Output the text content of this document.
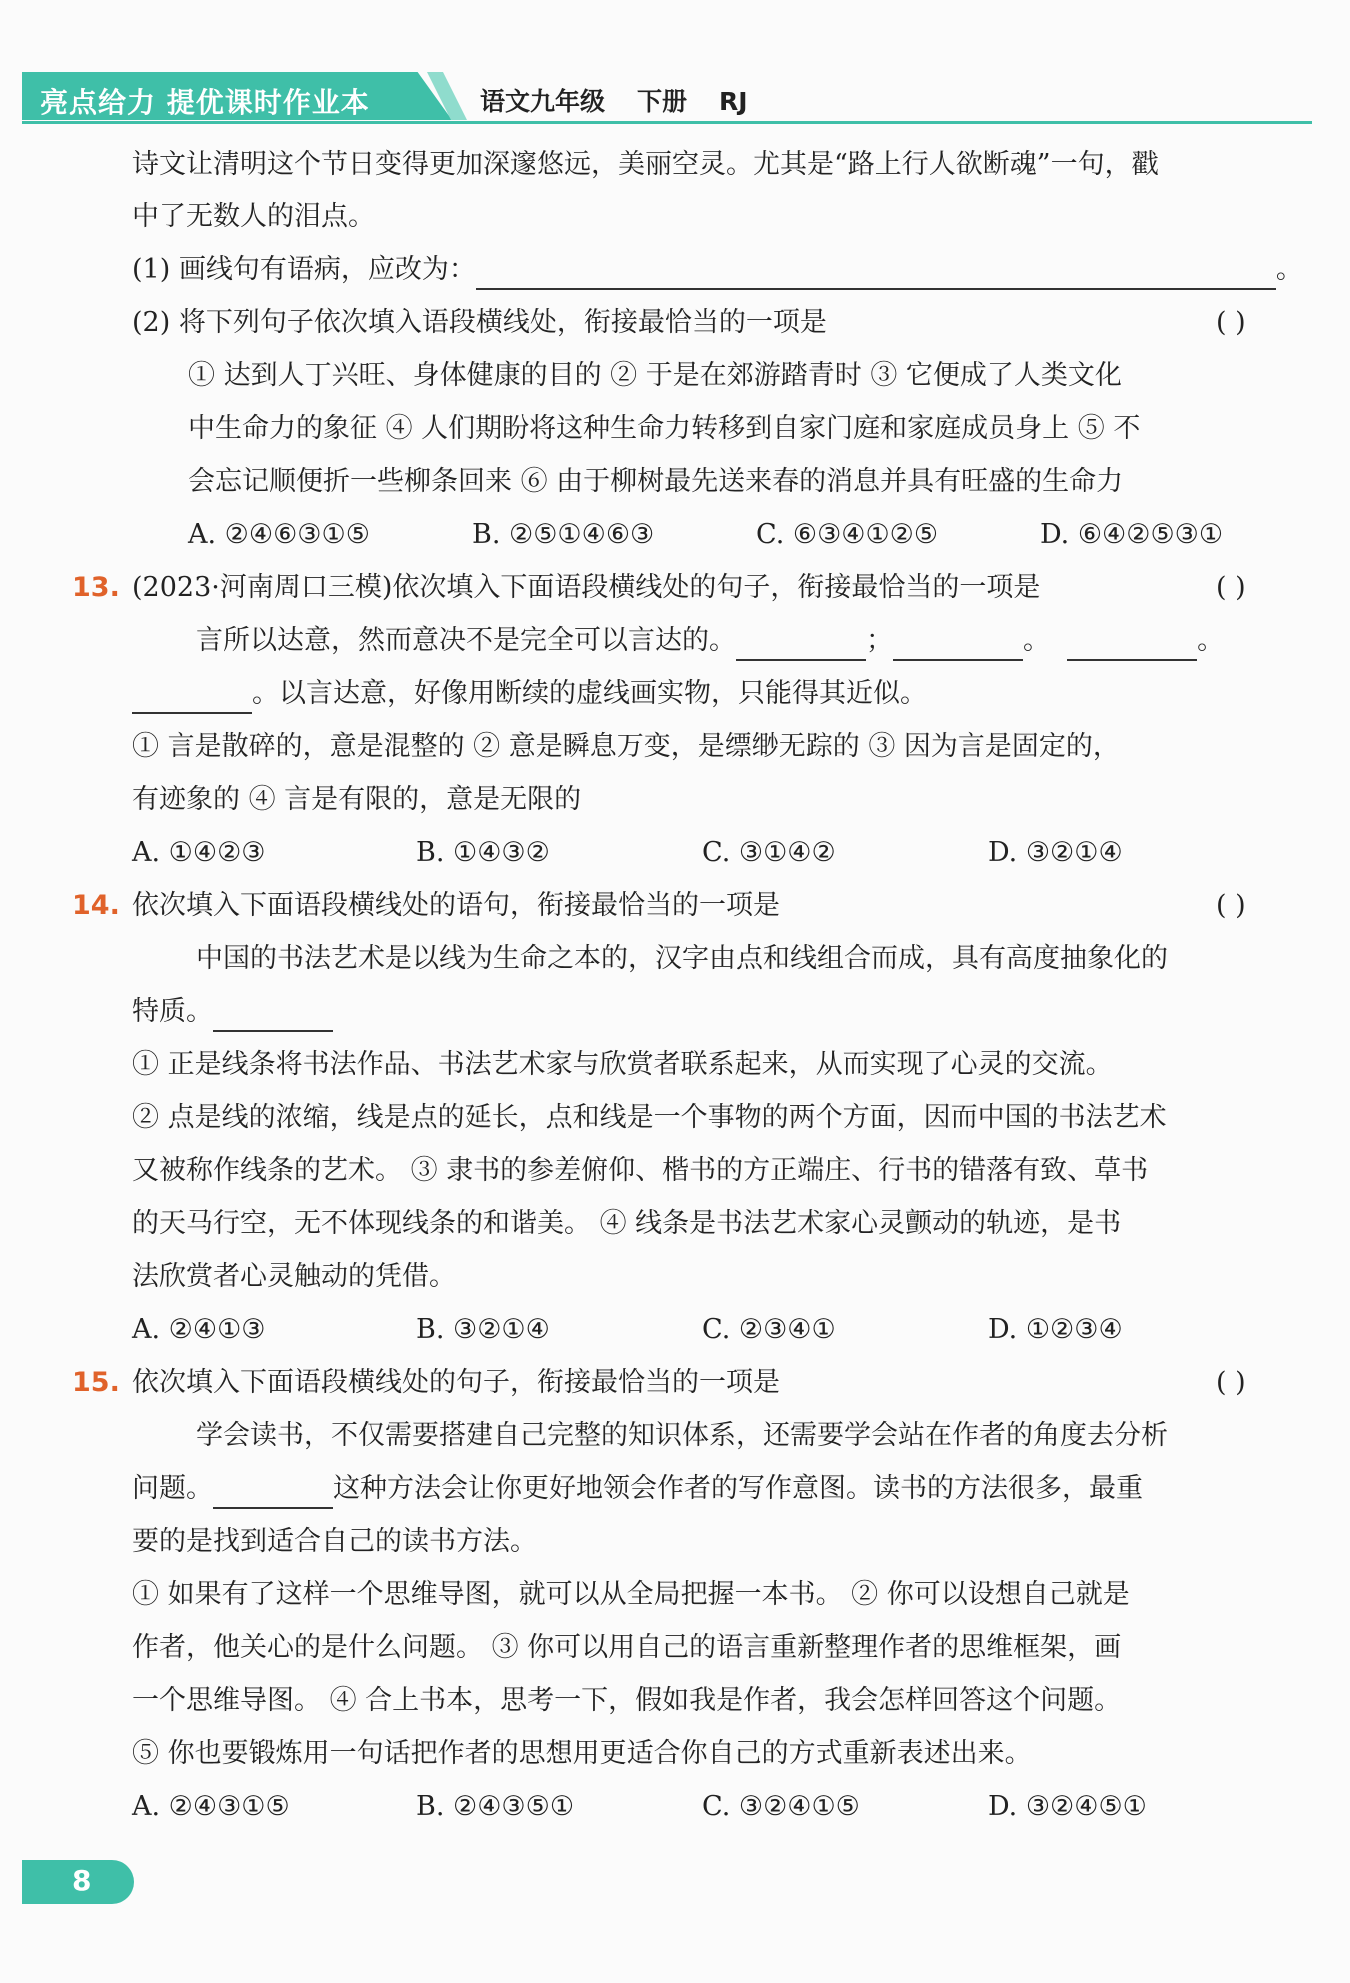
亮点给力 提优课时作业本	语文九年级 下册 RJ
诗文让清明这个节日变得更加深邃悠远，美丽空灵。尤其是“路上行人欲断魂”一句，戳
中了无数人的泪点。
(1) 画线句有语病，应改为：	。
(2) 将下列句子依次填入语段横线处，衔接最恰当的一项是	( )
① 达到人丁兴旺、身体健康的目的 ② 于是在郊游踏青时 ③ 它便成了人类文化
中生命力的象征 ④ 人们期盼将这种生命力转移到自家门庭和家庭成员身上 ⑤ 不
会忘记顺便折一些柳条回来 ⑥ 由于柳树最先送来春的消息并具有旺盛的生命力
A. ②④⑥③①⑤	B. ②⑤①④⑥③	C. ⑥③④①②⑤	D. ⑥④②⑤③①
13. (2023·河南周口三模)依次填入下面语段横线处的句子，衔接最恰当的一项是	( )
言所以达意，然而意决不是完全可以言达的。	；	。	。
。以言达意，好像用断续的虚线画实物，只能得其近似。
① 言是散碎的，意是混整的 ② 意是瞬息万变，是缥缈无踪的 ③ 因为言是固定的，
有迹象的 ④ 言是有限的，意是无限的
A. ①④②③	B. ①④③②	C. ③①④②	D. ③②①④
14. 依次填入下面语段横线处的语句，衔接最恰当的一项是	( )
中国的书法艺术是以线为生命之本的，汉字由点和线组合而成，具有高度抽象化的
特质。
① 正是线条将书法作品、书法艺术家与欣赏者联系起来，从而实现了心灵的交流。
② 点是线的浓缩，线是点的延长，点和线是一个事物的两个方面，因而中国的书法艺术
又被称作线条的艺术。 ③ 隶书的参差俯仰、楷书的方正端庄、行书的错落有致、草书
的天马行空，无不体现线条的和谐美。 ④ 线条是书法艺术家心灵颤动的轨迹，是书
法欣赏者心灵触动的凭借。
A. ②④①③	B. ③②①④	C. ②③④①	D. ①②③④
15. 依次填入下面语段横线处的句子，衔接最恰当的一项是	( )
学会读书，不仅需要搭建自己完整的知识体系，还需要学会站在作者的角度去分析
问题。	这种方法会让你更好地领会作者的写作意图。读书的方法很多，最重
要的是找到适合自己的读书方法。
① 如果有了这样一个思维导图，就可以从全局把握一本书。 ② 你可以设想自己就是
作者，他关心的是什么问题。 ③ 你可以用自己的语言重新整理作者的思维框架，画
一个思维导图。 ④ 合上书本，思考一下，假如我是作者，我会怎样回答这个问题。
⑤ 你也要锻炼用一句话把作者的思想用更适合你自己的方式重新表述出来。
A. ②④③①⑤	B. ②④③⑤①	C. ③②④①⑤	D. ③②④⑤①
8
